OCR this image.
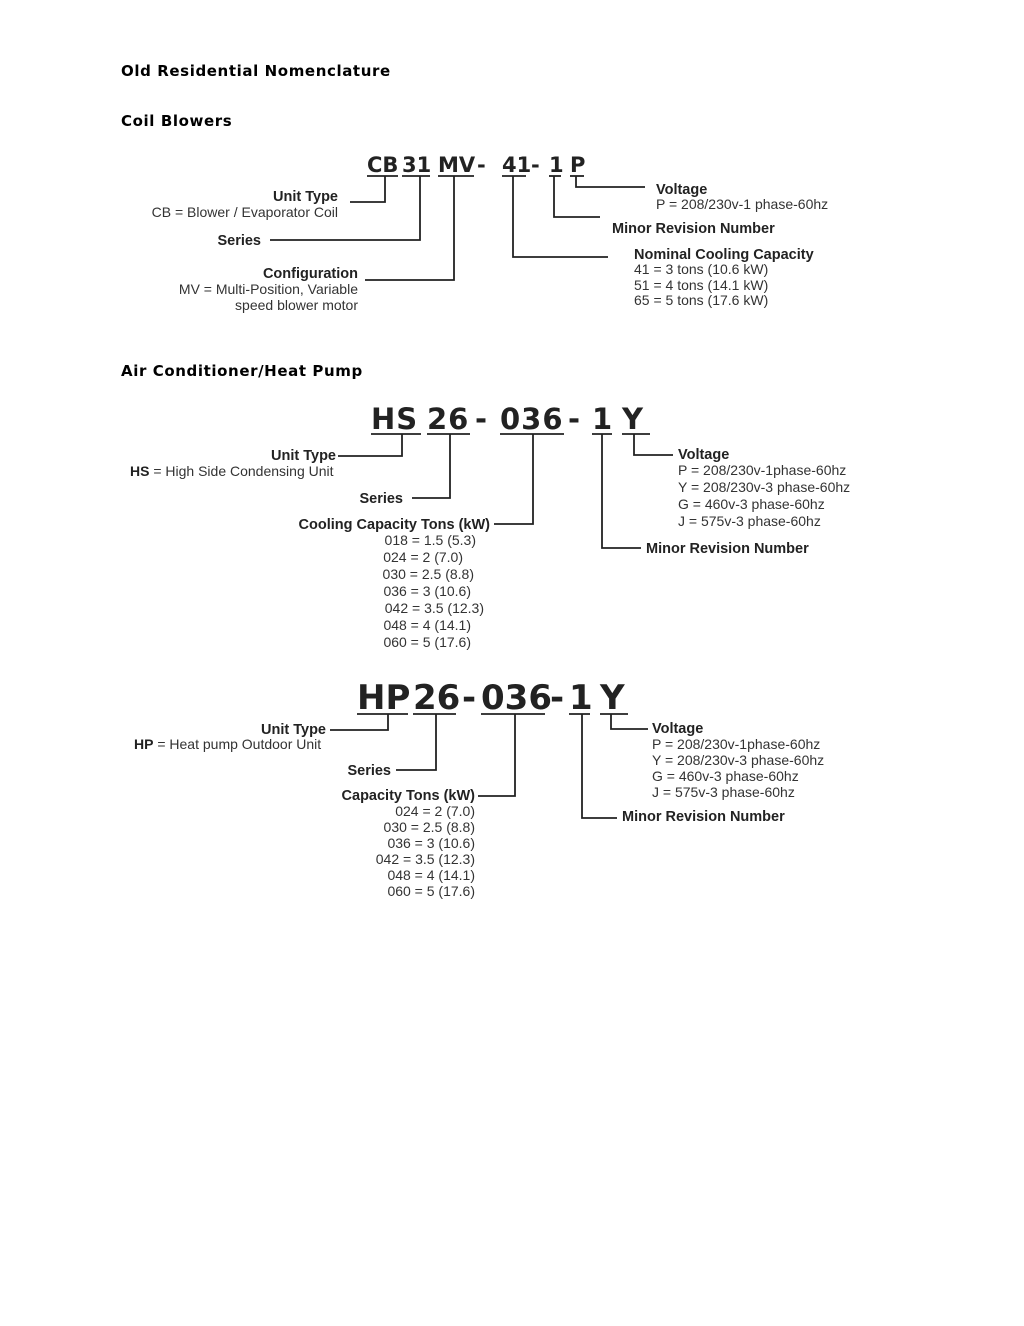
Old Residential Nomenclature
Coil Blowers
Air Conditioner/Heat Pump
CB 31 MV - 41 - 1 P
Unit Type
CB = Blower / Evaporator Coil
Series
Configuration
MV = Multi-Position, Variable
speed blower motor
Voltage
P = 208/230v-1 phase-60hz
Minor Revision Number
Nominal Cooling Capacity
41 = 3 tons (10.6 kW)
51 = 4 tons (14.1 kW)
65 = 5 tons (17.6 kW)
HS 26 - 036 - 1 Y
Unit Type
HS = High Side Condensing Unit
Series
Cooling Capacity Tons (kW)
018 = 1.5 (5.3)
024 = 2 (7.0)
030 = 2.5 (8.8)
036 = 3 (10.6)
042 = 3.5 (12.3)
048 = 4 (14.1)
060 = 5 (17.6)
Voltage
P = 208/230v-1phase-60hz
Y = 208/230v-3 phase-60hz
G = 460v-3 phase-60hz
J = 575v-3 phase-60hz
Minor Revision Number
HP 26 - 036
- 1 Y
Unit Type
HP = Heat pump Outdoor Unit
Series
Capacity Tons (kW)
024 = 2 (7.0)
030 = 2.5 (8.8)
036 = 3 (10.6)
042 = 3.5 (12.3)
048 = 4 (14.1)
060 = 5 (17.6)
Voltage
P = 208/230v-1phase-60hz
Y = 208/230v-3 phase-60hz
G = 460v-3 phase-60hz
J = 575v-3 phase-60hz
Minor Revision Number
